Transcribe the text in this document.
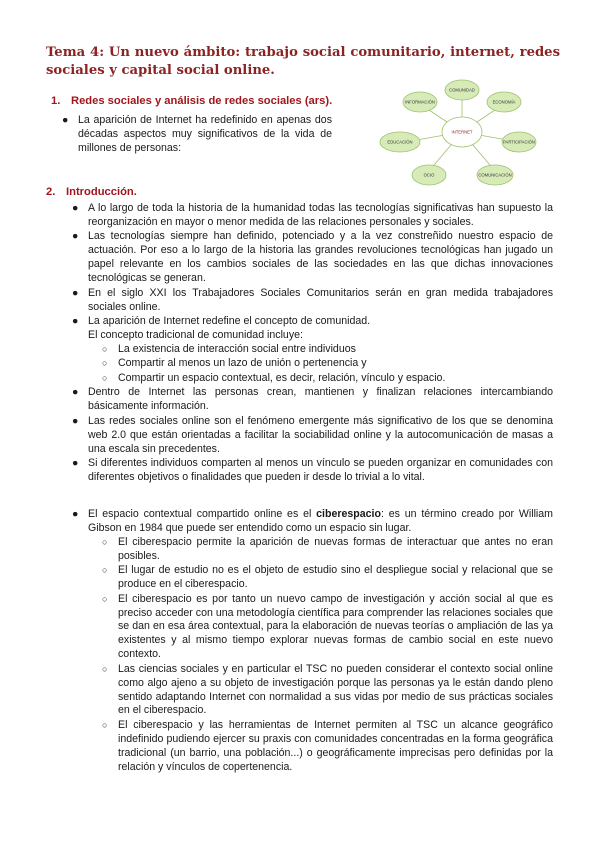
Tema 4: Un nuevo ámbito: trabajo social comunitario, internet, redes sociales y capital social online.
1. Redes sociales y análisis de redes sociales (ars).
● La aparición de Internet ha redefinido en apenas dos décadas aspectos muy significativos de la vida de millones de personas:
INTERNET
COMUNIDAD
ECONOMÍA
PARTICIPACIÓN
COMUNICACIÓN
OCIO
EDUCACIÓN
INFORMACIÓN
2. Introducción.
● A lo largo de toda la historia de la humanidad todas las tecnologías significativas han supuesto la reorganización en mayor o menor medida de las relaciones personales y sociales.
● Las tecnologías siempre han definido, potenciado y a la vez constreñido nuestro espacio de actuación. Por eso a lo largo de la historia las grandes revoluciones tecnológicas han jugado un papel relevante en los cambios sociales de las sociedades en las que dichas innovaciones tecnológicas se generan.
● En el siglo XXI los Trabajadores Sociales Comunitarios serán en gran medida trabajadores sociales online.
● La aparición de Internet redefine el concepto de comunidad.
El concepto tradicional de comunidad incluye:
○ La existencia de interacción social entre individuos
○ Compartir al menos un lazo de unión o pertenencia y
○ Compartir un espacio contextual, es decir, relación, vínculo y espacio.
● Dentro de Internet las personas crean, mantienen y finalizan relaciones intercambiando básicamente información.
● Las redes sociales online son el fenómeno emergente más significativo de los que se denomina web 2.0 que están orientadas a facilitar la sociabilidad online y la autocomunicación de masas a una escala sin precedentes.
● Si diferentes individuos comparten al menos un vínculo se pueden organizar en comunidades con diferentes objetivos o finalidades que pueden ir desde lo trivial a lo vital.
● El espacio contextual compartido online es el ciberespacio: es un término creado por William Gibson en 1984 que puede ser entendido como un espacio sin lugar.
○ El ciberespacio permite la aparición de nuevas formas de interactuar que antes no eran posibles.
○ El lugar de estudio no es el objeto de estudio sino el despliegue social y relacional que se produce en el ciberespacio.
○ El ciberespacio es por tanto un nuevo campo de investigación y acción social al que es preciso acceder con una metodología científica para comprender las relaciones sociales que se dan en esa área contextual, para la elaboración de nuevas teorías o ampliación de las ya existentes y al mismo tiempo explorar nuevas formas de cambio social en este nuevo contexto.
○ Las ciencias sociales y en particular el TSC no pueden considerar el contexto social online como algo ajeno a su objeto de investigación porque las personas ya le están dando pleno sentido adaptando Internet con normalidad a sus vidas por medio de sus prácticas sociales en el ciberespacio.
○ El ciberespacio y las herramientas de Internet permiten al TSC un alcance geográfico indefinido pudiendo ejercer su praxis con comunidades concentradas en la forma geográfica tradicional (un barrio, una población...) o geográficamente imprecisas pero definidas por la relación y vínculos de copertenencia.
